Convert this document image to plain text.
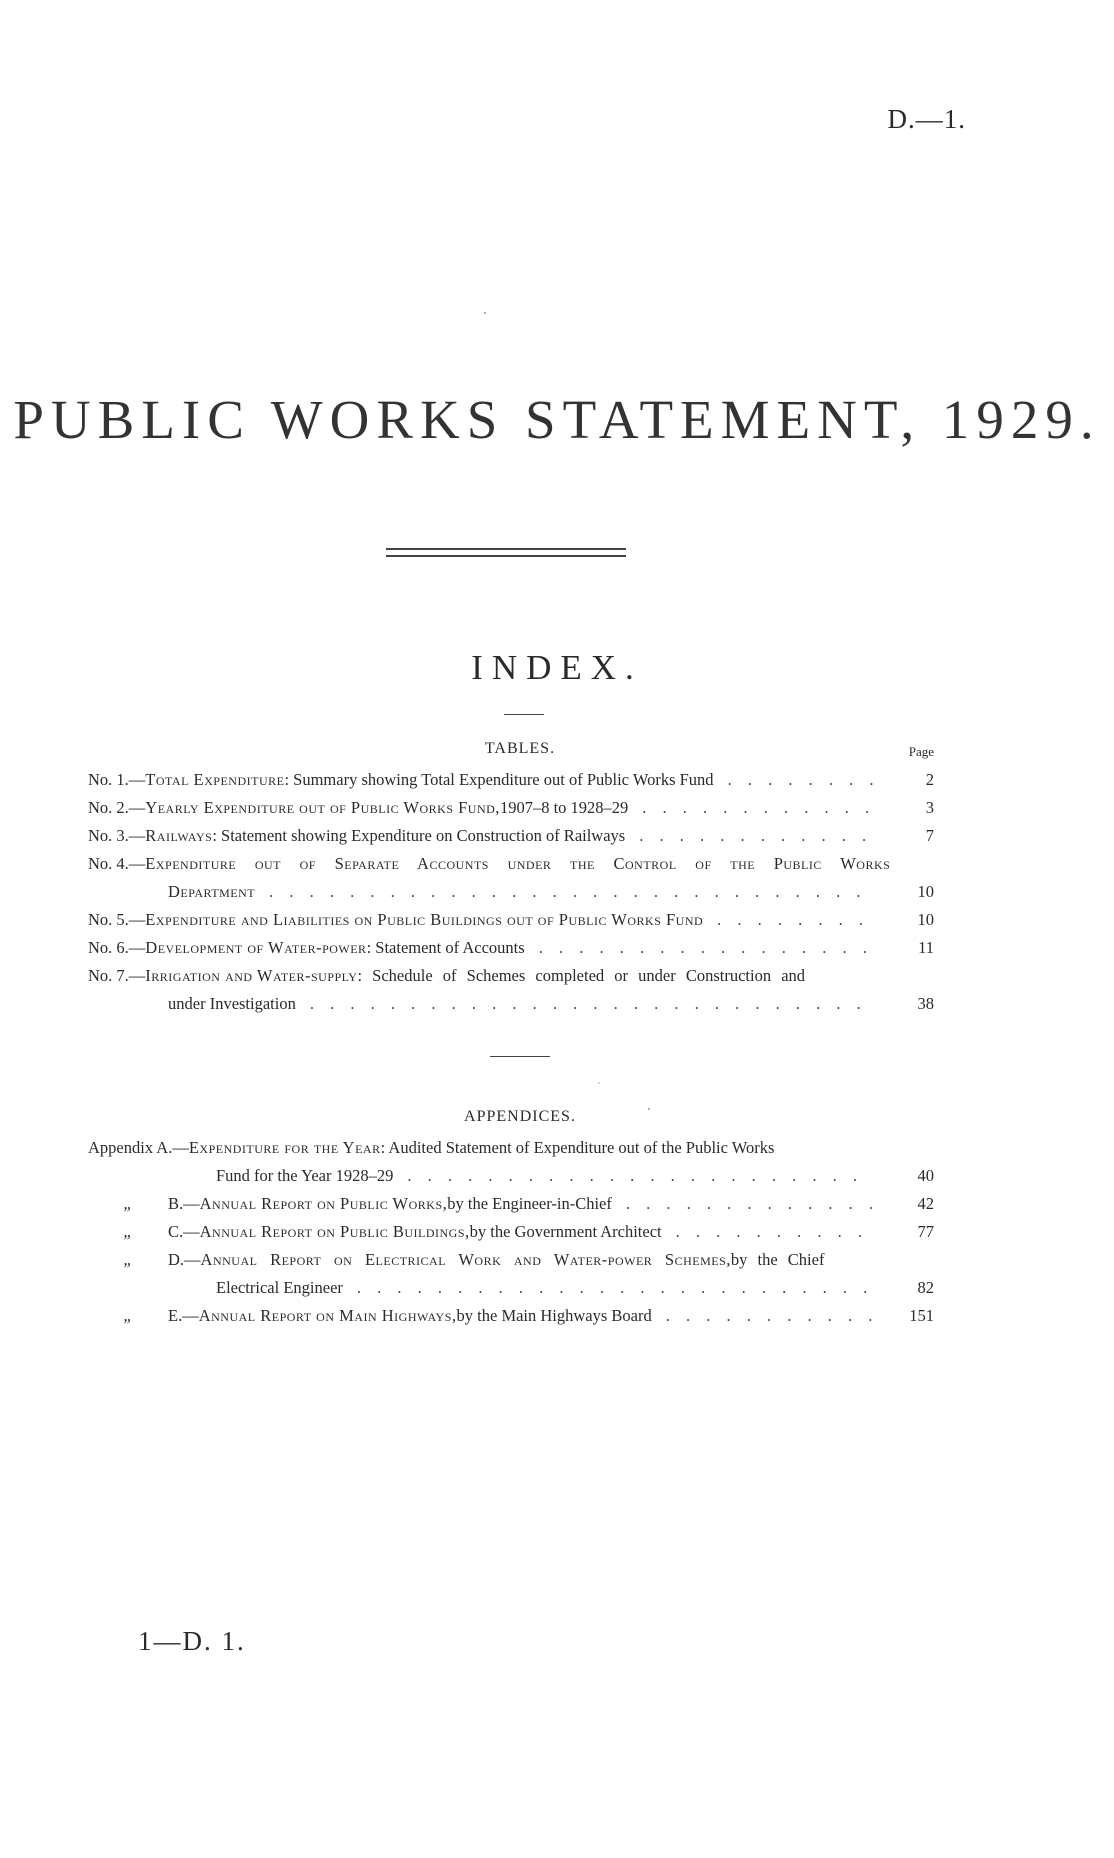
D.—1.
PUBLIC WORKS STATEMENT, 1929.
INDEX.
TABLES.	Page
No. 1.— Total Expenditure : Summary showing Total Expenditure out of Public Works Fund . . .	2
No. 2.— Yearly Expenditure out of Public Works Fund, 1907–8 to 1928–29 . . .	3
No. 3.— Railways : Statement showing Expenditure on Construction of Railways . . .	7
No. 4.— Expenditure out of Separate Accounts under the Control of the Public Works
Department . . .	10
No. 5.— Expenditure and Liabilities on Public Buildings out of Public Works Fund . . .	10
No. 6.— Development of Water-power : Statement of Accounts . . .	11
No. 7.— Irrigation and Water-supply : Schedule of Schemes completed or under Construction and
under Investigation . . .	38
APPENDICES.
Appendix A.— Expenditure for the Year : Audited Statement of Expenditure out of the Public Works
Fund for the Year 1928–29 . . .	40
„	B.— Annual Report on Public Works, by the Engineer-in-Chief . . .	42
„	C.— Annual Report on Public Buildings, by the Government Architect . . .	77
„	D.— Annual Report on Electrical Work and Water-power Schemes, by the Chief
Electrical Engineer . . .	82
„	E.— Annual Report on Main Highways, by the Main Highways Board . . .	151
1—D. 1.
